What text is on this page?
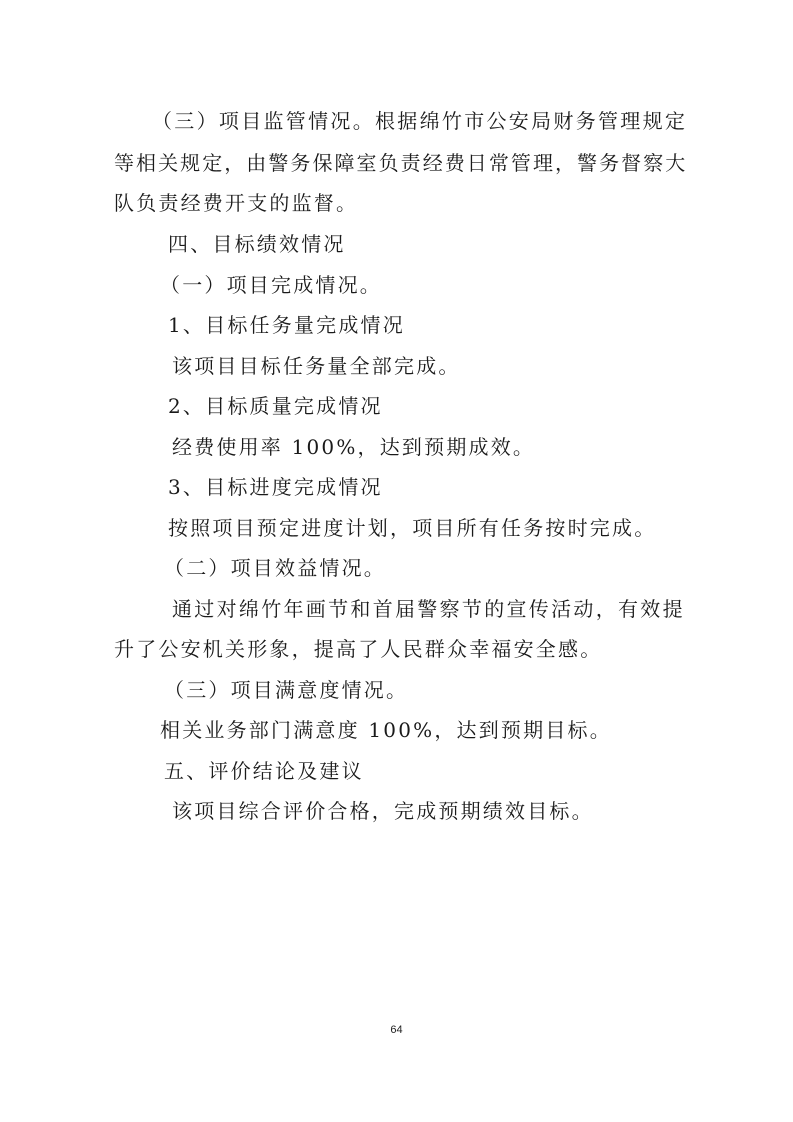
（三）项目监管情况。根据绵竹市公安局财务管理规定
等相关规定，由警务保障室负责经费日常管理，警务督察大
队负责经费开支的监督。
四、目标绩效情况
（一）项目完成情况。
1、目标任务量完成情况
该项目目标任务量全部完成。
2、目标质量完成情况
经费使用率 100%，达到预期成效。
3、目标进度完成情况
按照项目预定进度计划，项目所有任务按时完成。
（二）项目效益情况。
通过对绵竹年画节和首届警察节的宣传活动，有效提
升了公安机关形象，提高了人民群众幸福安全感。
（三）项目满意度情况。
相关业务部门满意度 100%，达到预期目标。
五、评价结论及建议
该项目综合评价合格，完成预期绩效目标。
64
